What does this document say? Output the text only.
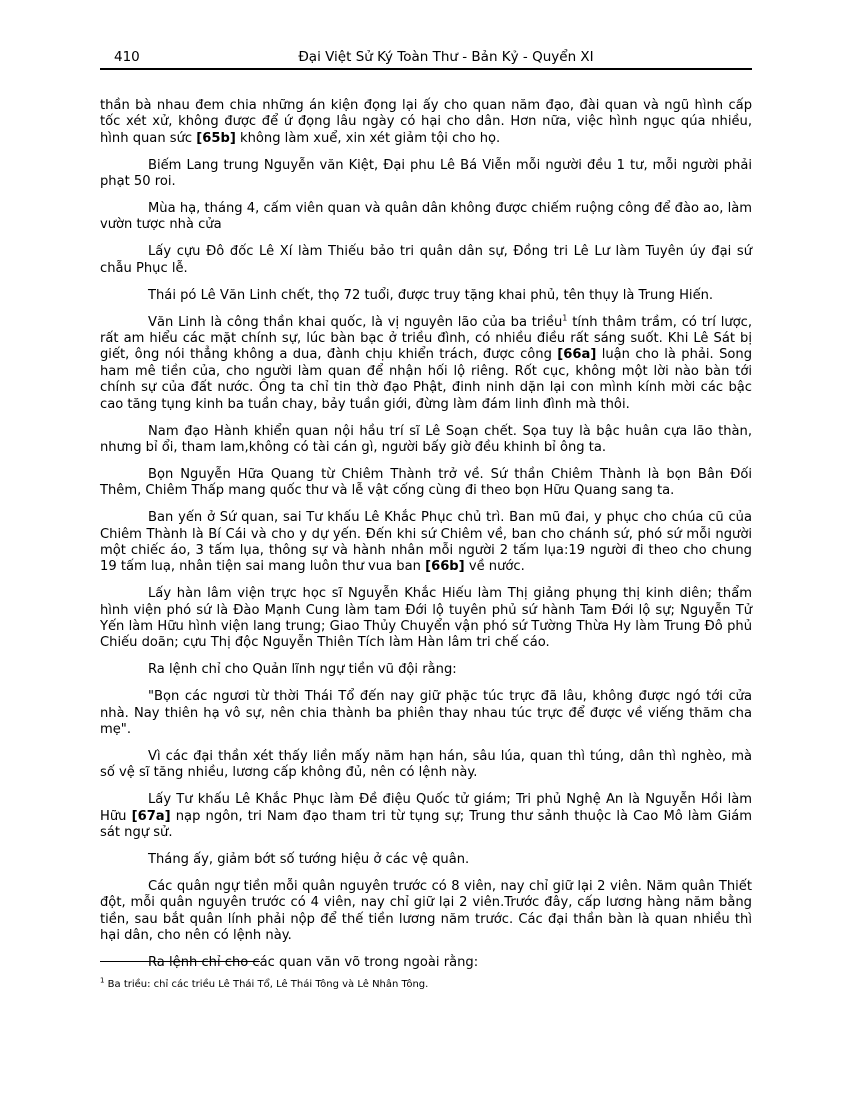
410	Đại Việt Sử Ký Toàn Thư - Bản Kỷ - Quyển XI

thần bà nhau đem chia những án kiện đọng lại ấy cho quan năm đạo, đài quan và ngũ hình cấp tốc xét xử, không được để ứ đọng lâu ngày có hại cho dân. Hơn nữa, việc hình ngục qúa nhiều, hình quan sức [65b] không làm xuể, xin xét giảm tội cho họ.

Biếm Lang trung Nguyễn văn Kiệt, Đại phu Lê Bá Viễn mỗi người đều 1 tư, mỗi người phải phạt 50 roi.

Mùa hạ, tháng 4, cấm viên quan và quân dân không được chiếm ruộng công để đào ao, làm vườn tược nhà cửa

Lấy cựu Đô đốc Lê Xí làm Thiếu bảo tri quân dân sự, Đồng tri Lê Lư làm Tuyên úy đại sứ chẫu Phục lễ.

Thái pó Lê Văn Linh chết, thọ 72 tuổi, được truy tặng khai phủ, tên thụy là Trung Hiến.

Văn Linh là công thần khai quốc, là vị nguyên lão của ba triều$^1$ tính thâm trầm, có trí lược, rất am hiểu các mặt chính sự, lúc bàn bạc ở triều đình, có nhiều điều rất sáng suốt. Khi Lê Sát bị giết, ông nói thẳng không a dua, đành chịu khiển trách, được công [66a] luận cho là phải. Song ham mê tiền của, cho người làm quan để nhận hối lộ riêng. Rốt cục, không một lời nào bàn tới chính sự của đất nước. Ông ta chỉ tin thờ đạo Phật, đinh ninh dặn lại con mình kính mời các bậc cao tăng tụng kinh ba tuần chay, bảy tuần giới, đừng làm đám linh đình mà thôi.

Nam đạo Hành khiển quan nội hầu trí sĩ Lê Soạn chết. Sọa tuy là bậc huân cựa lão thàn, nhưng bỉ ổi, tham lam,không có tài cán gì, người bấy giờ đều khinh bỉ ông ta.

Bọn Nguyễn Hữa Quang từ Chiêm Thành trở về. Sứ thần Chiêm Thành là bọn Bân Đối Thêm, Chiêm Thấp mang quốc thư và lễ vật cống cùng đi theo bọn Hữu Quang sang ta.

Ban yến ở Sứ quan, sai Tư khấu Lê Khắc Phục chủ trì. Ban mũ đai, y phục cho chúa cũ của Chiêm Thành là Bí Cái và cho y dự yến. Đến khi sứ Chiêm về, ban cho chánh sứ, phó sứ mỗi người một chiếc áo, 3 tấm lụa, thông sự và hành nhân mỗi người 2 tấm lụa:19 người đi theo cho chung 19 tấm luạ, nhân tiện sai mang luôn thư vua ban [66b] về nước.

Lấy hàn lâm viện trực học sĩ Nguyễn Khắc Hiếu làm Thị giảng phụng thị kinh diên; thẩm hình viện phó sứ là Đào Mạnh Cung làm tam Đới lộ tuyên phủ sứ hành Tam Đới lộ sự; Nguyễn Tử Yến làm Hữu hình viện lang trung; Giao Thủy Chuyển vận phó sứ Tường Thừa Hy làm Trung Đô phủ Chiếu doãn; cựu Thị độc Nguyễn Thiên Tích làm Hàn lâm tri chế cáo.

Ra lệnh chỉ cho Quản lĩnh ngự tiền vũ đội rằng:

"Bọn các ngươi từ thời Thái Tổ đến nay giữ phặc túc trực đã lâu, không được ngó tới cửa nhà. Nay thiên hạ vô sự, nên chia thành ba phiên thay nhau túc trực để được về viếng thăm cha mẹ".

Vì các đại thần xét thấy liền mấy năm hạn hán, sâu lúa, quan thì túng, dân thì nghèo, mà số vệ sĩ tăng nhiều, lương cấp không đủ, nên có lệnh này.

Lấy Tư khấu Lê Khắc Phục làm Đề điệu Quốc tử giám; Tri phủ Nghệ An là Nguyễn Hồi làm Hữu [67a] nạp ngôn, tri Nam đạo tham tri từ tụng sự; Trung thư sảnh thuộc là Cao Mô làm Giám sát ngự sử.

Tháng ấy, giảm bớt số tướng hiệu ở các vệ quân.

Các quân ngự tiền mỗi quân nguyên trước có 8 viên, nay chỉ giữ lại 2 viên. Năm quân Thiết đột, mỗi quân nguyên trước có 4 viên, nay chỉ giữ lại 2 viên.Trước đây, cấp lương hàng năm bằng tiền, sau bắt quân lính phải nộp để thế tiền lương năm trước. Các đại thần bàn là quan nhiều thì hại dân, cho nên có lệnh này.

Ra lệnh chỉ cho các quan văn võ trong ngoài rằng:

$^1$ Ba triều: chỉ các triều Lê Thái Tổ, Lê Thái Tông và Lê Nhân Tông.
